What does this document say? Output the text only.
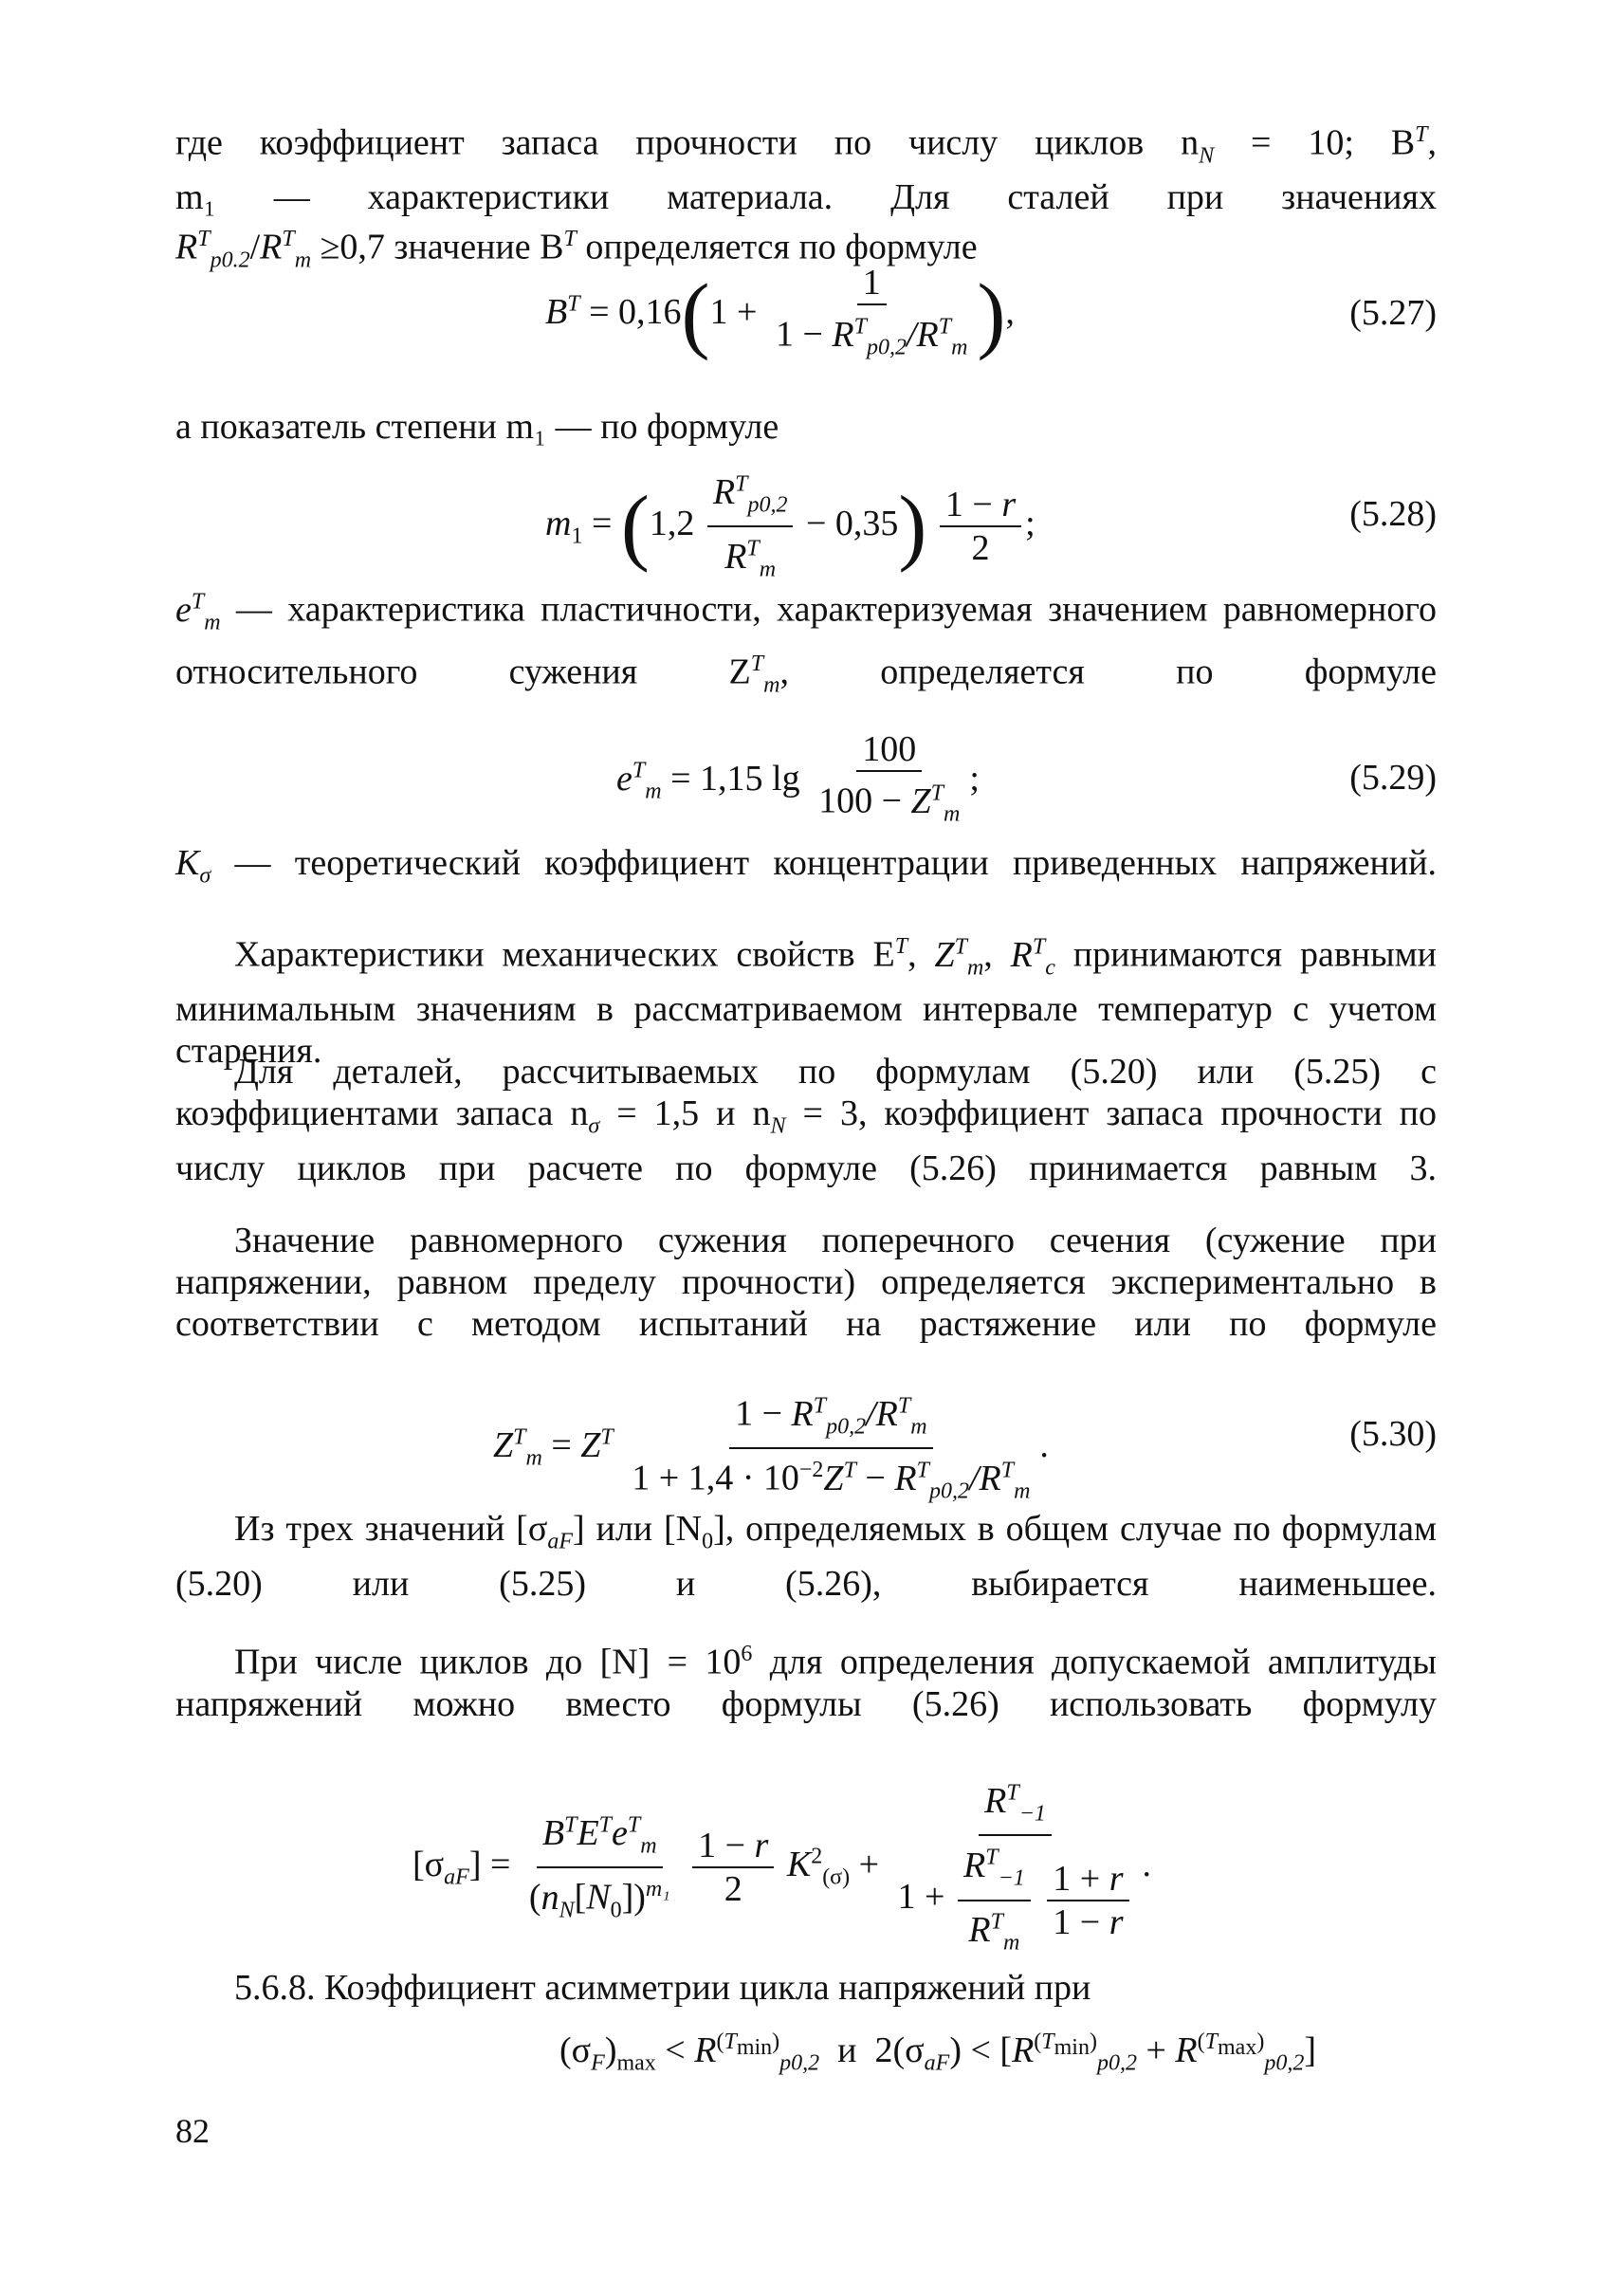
где коэффициент запаса прочности по числу циклов $n_N = 10$; $B^T$,
m₁ — характеристики материала. Для сталей при значениях

$R^T_{p0.2}/R^T_m \ge 0,7$ значение $B^T$ определяется по формуле
$B^T = 0,16(1 + \frac{1}{1 - R^T_{p0,2}/R^T_m}$ ),	(5.27)
а показатель степени m₁ — по формуле
$m_1 = (1,2 \frac{R^T_{p0,2}}{R^T_m} - 0,35) \frac{1 - r}{2}$ ;	(5.28)
$e^T_m$ — характеристика пластичности, характеризуемая значением равномерного относительного сужения $Z^T_m$, определяется по формуле
$e^T_m = 1,15$ $\lg \frac{100}{100 - Z^T_m}$ ;	(5.29)
$K_\sigma$ — теоретический коэффициент концентрации приведенных напряжений.
Характеристики механических свойств $E^T$, $Z^T_m$, $R^T_c$ принимаются равными минимальным значениям в рассматриваемом интервале температур с учетом старения.
Для деталей, рассчитываемых по формулам (5.20) или (5.25) с коэффициентами запаса $n_\sigma = 1,5$ и $n_N = 3$, коэффициент запаса прочности по числу циклов при расчете по формуле (5.26) принимается равным 3.
Значение равномерного сужения поперечного сечения (сужение при напряжении, равном пределу прочности) определяется экспериментально в соответствии с методом испытаний на растяжение или по формуле
$Z^T_m = Z^T \frac{1 - R^T_{p0,2}/R^T_m}{1 + 1,4 \cdot 10^{-2}Z^T - R^T_{p0,2}/R^T_m}$ .	(5.30)
Из трех значений $[\sigma_{aF}]$ или $[N_0]$, определяемых в общем случае по формулам (5.20) или (5.25) и (5.26), выбирается наименьшее.
При числе циклов до $[N] = 10^6$ для определения допускаемой амплитуды напряжений можно вместо формулы (5.26) использовать формулу
$[\sigma_{aF}] = \frac{B^TE^Te^T_m}{(n_N[N_0])^{m_1}}$
$\frac{1 - r}{2} K^2_{(\sigma)} + R^T_{-1}$
$1 + \frac{R^T_{-1}}{R^T_m}$
$\frac{1 + r}{1 - r}$ .
5.6.8. Коэффициент асимметрии цикла напряжений при
$(\sigma_F)_{max} < R^{(T_{min})}_{p0,2}$ и  $2(\sigma_{aF}) < [R^{(T_{min})}_{p0,2} + R^{(T_{max})}_{p0,2}]$
82
